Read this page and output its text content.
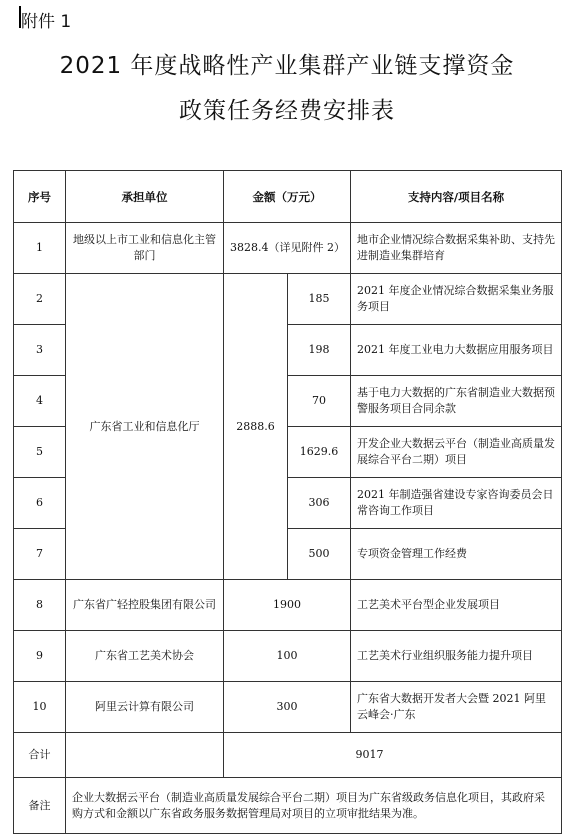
附件 1
2021 年度战略性产业集群产业链支撑资金
政策任务经费安排表
序号	承担单位	金额（万元）		支持内容/项目名称
1	地级以上市工业和信息化主管部门	3828.4（详见附件 2）		地市企业情况综合数据采集补助、支持先进制造业集群培育
2	广东省工业和信息化厅	2888.6	185	2021 年度企业情况综合数据采集业务服务项目
3			198	2021 年度工业电力大数据应用服务项目
4			70	基于电力大数据的广东省制造业大数据预警服务项目合同余款
5			1629.6	开发企业大数据云平台（制造业高质量发展综合平台二期）项目
6			306	2021 年制造强省建设专家咨询委员会日常咨询工作项目
7			500	专项资金管理工作经费
8	广东省广轻控股集团有限公司	1900		工艺美术平台型企业发展项目
9	广东省工艺美术协会	100		工艺美术行业组织服务能力提升项目
10	阿里云计算有限公司	300		广东省大数据开发者大会暨 2021 阿里云峰会·广东
合计		9017		
备注	企业大数据云平台（制造业高质量发展综合平台二期）项目为广东省级政务信息化项目，其政府采购方式和金额以广东省政务服务数据管理局对项目的立项审批结果为准。			
